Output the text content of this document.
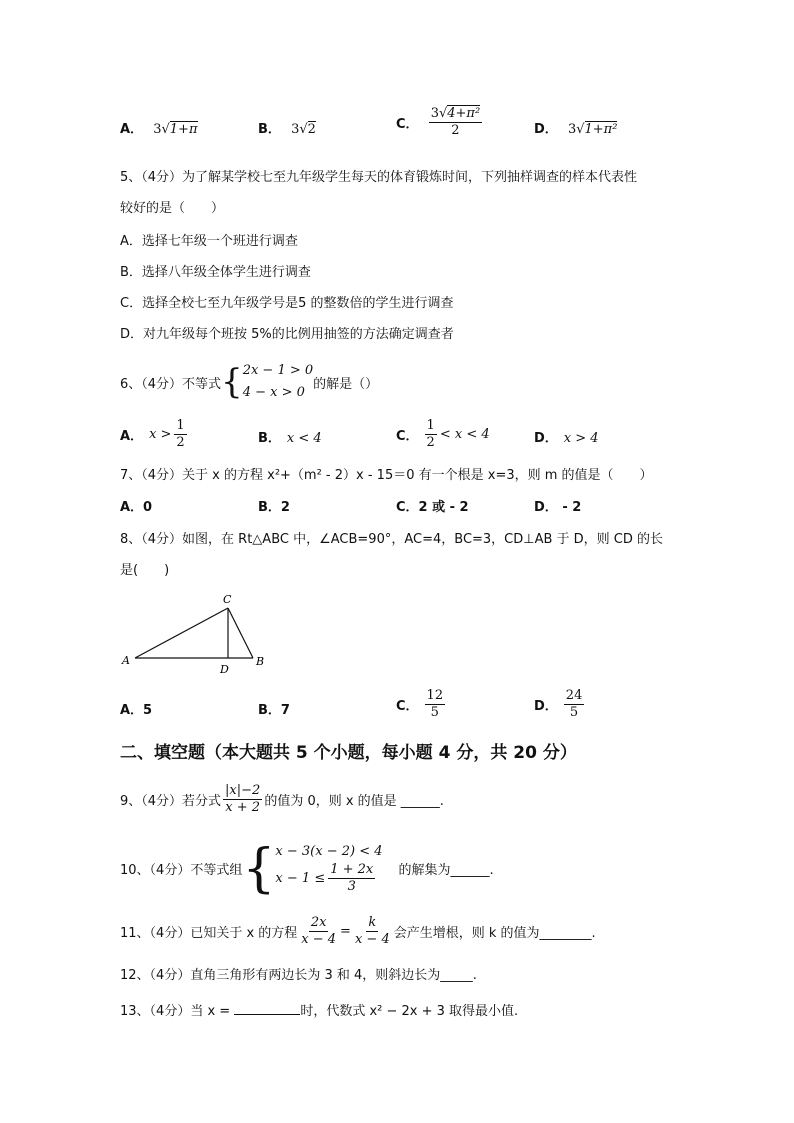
A． 3√1+π	B． 3√2	C． $\frac{\text{3√4+π²}}{2}$	D． 3√1+π²
5、（4分）为了解某学校七至九年级学生每天的体育锻炼时间，下列抽样调查的样本代表性
较好的是（　　）
A．选择七年级一个班进行调查
B．选择八年级全体学生进行调查
C．选择全校七至九年级学号是5 的整数倍的学生进行调查
D．对九年级每个班按 5%的比例用抽签的方法确定调查者
6、（4分）不等式 { 2x − 1 > 0
4 − x > 0
的解是（）
A． $x > \frac{1}{2}$	B． x < 4	C． $\frac{1}{2} < x < 4$	D． x > 4
7、（4分）关于 x 的方程 x²+（m² - 2）x - 15＝0 有一个根是 x=3，则 m 的值是（　　）
A．0	B．2	C．2 或 - 2	D． - 2
8、（4分）如图，在 Rt△ABC 中，∠ACB=90°，AC=4，BC=3，CD⊥AB 于 D，则 CD 的长
是(　　)
A
C
D
B
A．5	B．7	C． $\frac{12}{5}$	D． $\frac{24}{5}$
二、填空题（本大题共 5 个小题，每小题 4 分，共 20 分）
9、（4分）若分式 $\frac{|x|-2}{x + 2}$ 的值为 0，则 x 的值是 ______.
10、（4分）不等式组 { x − 3(x − 2) < 4
$x - 1 \le \frac{1 + 2x}{3}$ 的解集为______.
11、（4分）已知关于 x 的方程 $\frac{2x}{x - 4} = \frac{k}{x - 4}$ 会产生增根，则 k 的值为________.
12、（4分）直角三角形有两边长为 3 和 4，则斜边长为_____.
13、（4分）当 x =	时，代数式 x² − 2x + 3 取得最小值.
